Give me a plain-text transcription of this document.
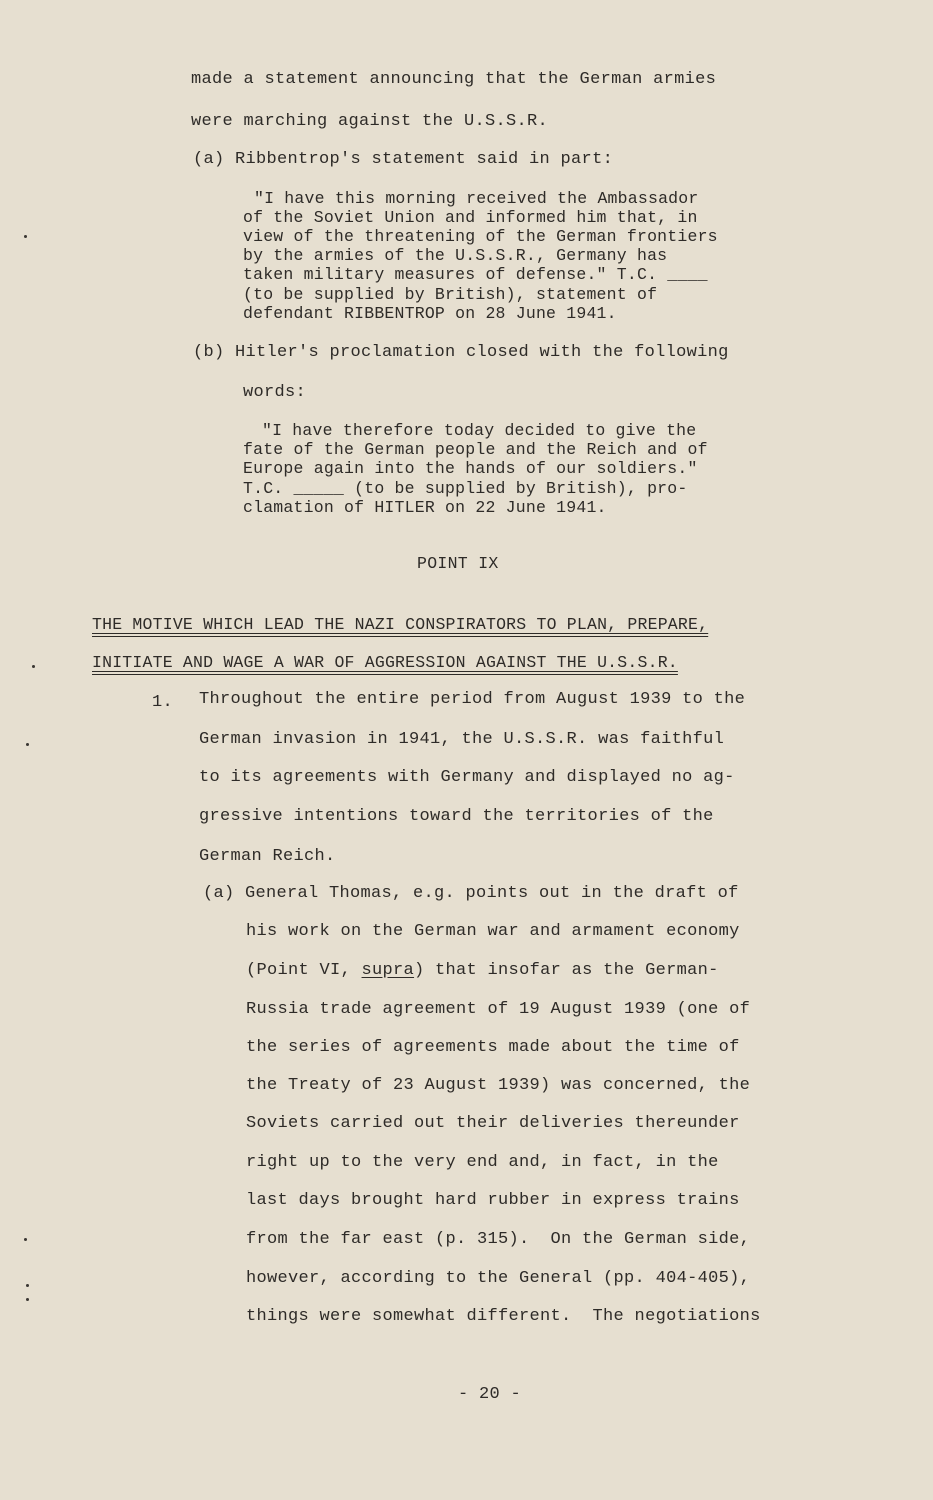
made a statement announcing that the German armies
were marching against the U.S.S.R.
(a) Ribbentrop's statement said in part:
"I have this morning received the Ambassador
of the Soviet Union and informed him that, in
view of the threatening of the German frontiers
by the armies of the U.S.S.R., Germany has
taken military measures of defense." T.C. ____
(to be supplied by British), statement of
defendant RIBBENTROP on 28 June 1941.
(b) Hitler's proclamation closed with the following
words:
"I have therefore today decided to give the
fate of the German people and the Reich and of
Europe again into the hands of our soldiers."
T.C. _____ (to be supplied by British), pro-
clamation of HITLER on 22 June 1941.
POINT IX
THE MOTIVE WHICH LEAD THE NAZI CONSPIRATORS TO PLAN, PREPARE,
INITIATE AND WAGE A WAR OF AGGRESSION AGAINST THE U.S.S.R.
1. Throughout the entire period from August 1939 to the
German invasion in 1941, the U.S.S.R. was faithful
to its agreements with Germany and displayed no ag-
gressive intentions toward the territories of the
German Reich.
(a) General Thomas, e.g. points out in the draft of
his work on the German war and armament economy
(Point VI, supra) that insofar as the German-
Russia trade agreement of 19 August 1939 (one of
the series of agreements made about the time of
the Treaty of 23 August 1939) was concerned, the
Soviets carried out their deliveries thereunder
right up to the very end and, in fact, in the
last days brought hard rubber in express trains
from the far east (p. 315).  On the German side,
however, according to the General (pp. 404-405),
things were somewhat different.  The negotiations
- 20 -
